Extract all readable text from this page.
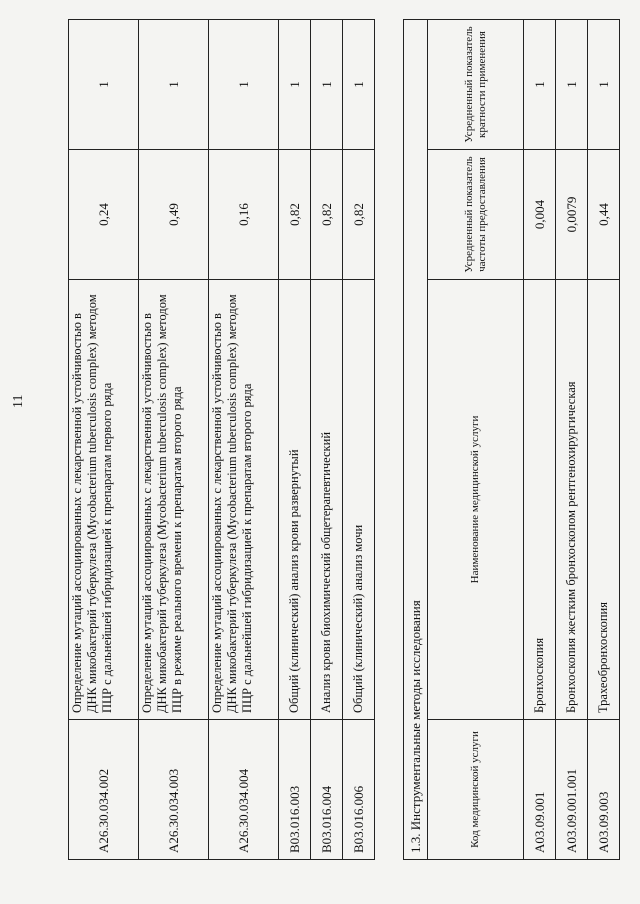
11
A26.30.034.002	Определение мутаций ассоциированных с лекарственной устойчивостью в ДНК микобактерий туберкулеза (Mycobacterium tuberculosis complex) методом ПЦР с дальнейшей гибридизацией к препаратам первого ряда	0,24	1
A26.30.034.003	Определение мутаций ассоциированных с лекарственной устойчивостью в ДНК микобактерий туберкулеза (Mycobacterium tuberculosis complex) методом ПЦР в режиме реального времени к препаратам второго ряда	0,49	1
A26.30.034.004	Определение мутаций ассоциированных с лекарственной устойчивостью в ДНК микобактерий туберкулеза (Mycobacterium tuberculosis complex) методом ПЦР с дальнейшей гибридизацией к препаратам второго ряда	0,16	1
B03.016.003	Общий (клинический) анализ крови развернутый	0,82	1
B03.016.004	Анализ крови биохимический общетерапевтический	0,82	1
B03.016.006	Общий (клинический) анализ мочи	0,82	1
1.3. Инструментальные методы исследования			
Код медицинской услуги	Наименование медицинской услуги	Усредненный показатель частоты предоставления	Усредненный показатель кратности применения
A03.09.001	Бронхоскопия	0,004	1
A03.09.001.001	Бронхоскопия жестким бронхоскопом рентгенохирургическая	0,0079	1
A03.09.003	Трахеобронхоскопия	0,44	1
